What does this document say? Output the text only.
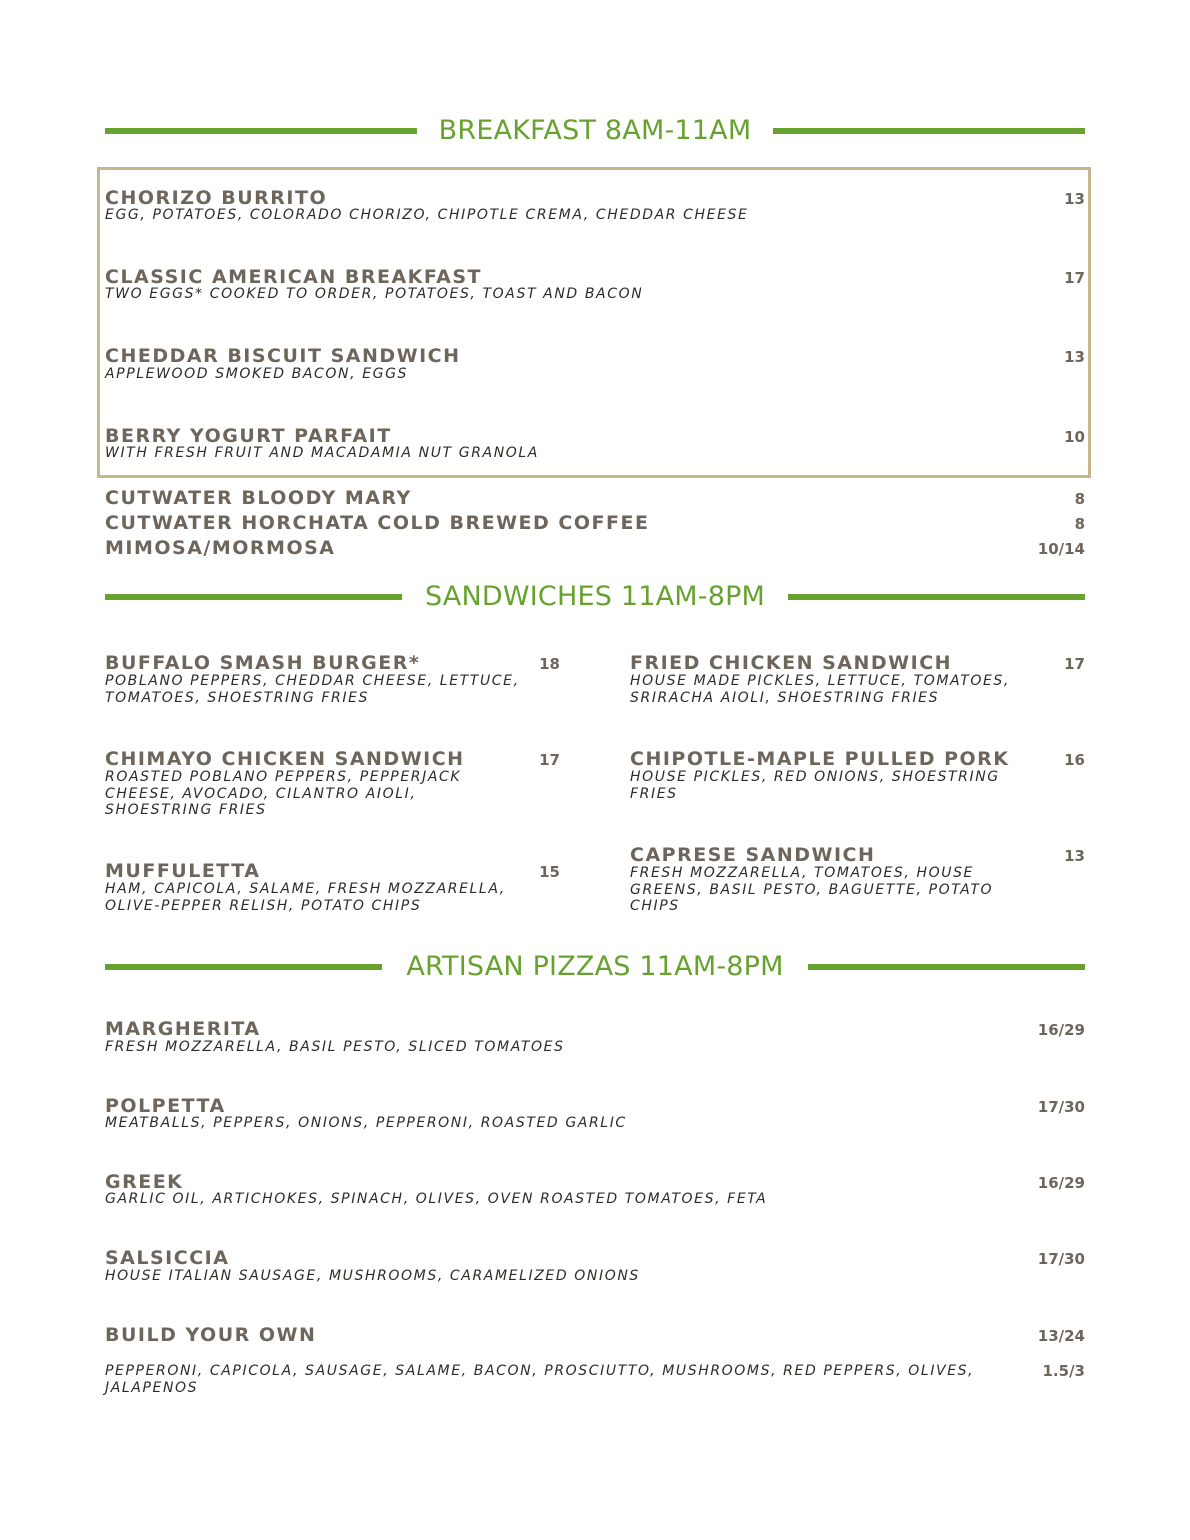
BREAKFAST 8AM-11AM
CHORIZO BURRITO
EGG, POTATOES, COLORADO CHORIZO, CHIPOTLE CREMA, CHEDDAR CHEESE
13
CLASSIC AMERICAN BREAKFAST
TWO EGGS* COOKED TO ORDER, POTATOES, TOAST AND BACON
17
CHEDDAR BISCUIT SANDWICH
APPLEWOOD SMOKED BACON, EGGS
13
BERRY YOGURT PARFAIT
WITH FRESH FRUIT AND MACADAMIA NUT GRANOLA
10
CUTWATER BLOODY MARY	8
CUTWATER HORCHATA COLD BREWED COFFEE	8
MIMOSA/MORMOSA	10/14
SANDWICHES 11AM-8PM
BUFFALO SMASH BURGER*
POBLANO PEPPERS, CHEDDAR CHEESE, LETTUCE, TOMATOES, SHOESTRING FRIES
18
CHIMAYO CHICKEN SANDWICH
ROASTED POBLANO PEPPERS, PEPPERJACK CHEESE, AVOCADO, CILANTRO AIOLI, SHOESTRING FRIES
17
MUFFULETTA
HAM, CAPICOLA, SALAME, FRESH MOZZARELLA, OLIVE-PEPPER RELISH, POTATO CHIPS
15
FRIED CHICKEN SANDWICH
HOUSE MADE PICKLES, LETTUCE, TOMATOES, SRIRACHA AIOLI, SHOESTRING FRIES
17
CHIPOTLE-MAPLE PULLED PORK
HOUSE PICKLES, RED ONIONS, SHOESTRING FRIES
16
CAPRESE SANDWICH
FRESH MOZZARELLA, TOMATOES, HOUSE GREENS, BASIL PESTO, BAGUETTE, POTATO CHIPS
13
ARTISAN PIZZAS 11AM-8PM
MARGHERITA
FRESH MOZZARELLA, BASIL PESTO, SLICED TOMATOES
16/29
POLPETTA
MEATBALLS, PEPPERS, ONIONS, PEPPERONI, ROASTED GARLIC
17/30
GREEK
GARLIC OIL, ARTICHOKES, SPINACH, OLIVES, OVEN ROASTED TOMATOES, FETA
16/29
SALSICCIA
HOUSE ITALIAN SAUSAGE, MUSHROOMS, CARAMELIZED ONIONS
17/30
BUILD YOUR OWN	13/24
PEPPERONI, CAPICOLA, SAUSAGE, SALAME, BACON, PROSCIUTTO, MUSHROOMS, RED PEPPERS, OLIVES, JALAPENOS
1.5/3
